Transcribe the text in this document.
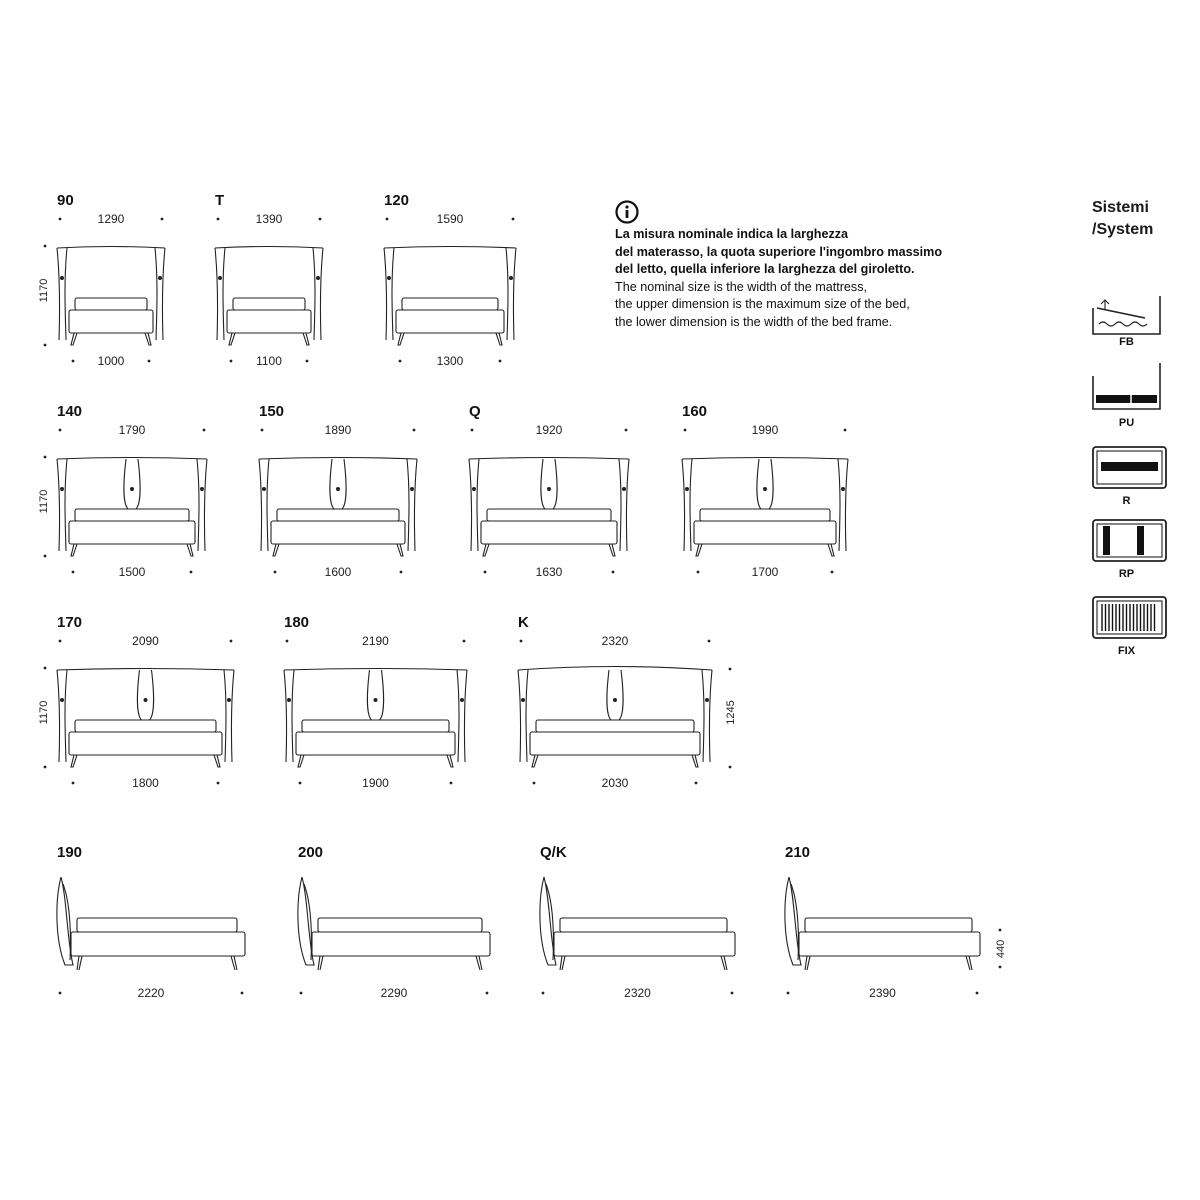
90
1290
1000
1170
T
1390
1100
120
1590
1300
140
1790
1500
1170
150
1890
1600
Q
1920
1630
160
1990
1700
170
2090
1800
1170
180
2190
1900
K
2320
2030
1245
190
2220
200
2290
Q/K
2320
210
2390
440
FB
PU
R
RP
FIX
La misura nominale indica la larghezza
del materasso, la quota superiore l'ingombro massimo
del letto, quella inferiore la larghezza del giroletto.
The nominal size is the width of the mattress,
the upper dimension is the maximum size of the bed,
the lower dimension is the width of the bed frame.
Sistemi
/System
